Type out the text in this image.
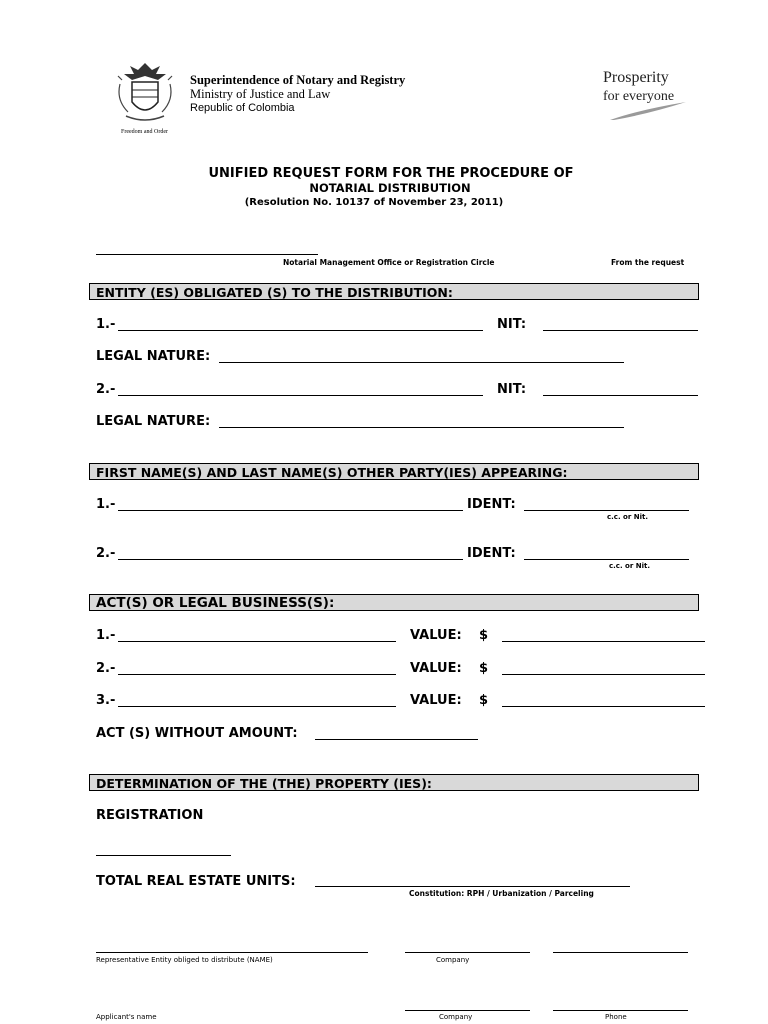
Freedom and Order
Superintendence of Notary and Registry
Ministry of Justice and Law
Republic of Colombia
Prosperity
for everyone
UNIFIED REQUEST FORM FOR THE PROCEDURE OF
NOTARIAL DISTRIBUTION
(Resolution No. 10137 of November 23, 2011)
Notarial Management Office or Registration Circle	From the request
ENTITY (ES) OBLIGATED (S) TO THE DISTRIBUTION:
1.-	NIT:
LEGAL NATURE:
2.-	NIT:
LEGAL NATURE:
FIRST NAME(S) AND LAST NAME(S) OTHER PARTY(IES) APPEARING:
1.-	IDENT:
c.c. or Nit.
2.-	IDENT:
c.c. or Nit.
ACT(S) OR LEGAL BUSINESS(S):
1.-	VALUE: $
2.-	VALUE: $
3.-	VALUE: $
ACT (S) WITHOUT AMOUNT:
DETERMINATION OF THE (THE) PROPERTY (IES):
REGISTRATION
TOTAL REAL ESTATE UNITS:
Constitution: RPH / Urbanization / Parceling
Representative Entity obliged to distribute (NAME)	Company
Applicant's name	Company	Phone
